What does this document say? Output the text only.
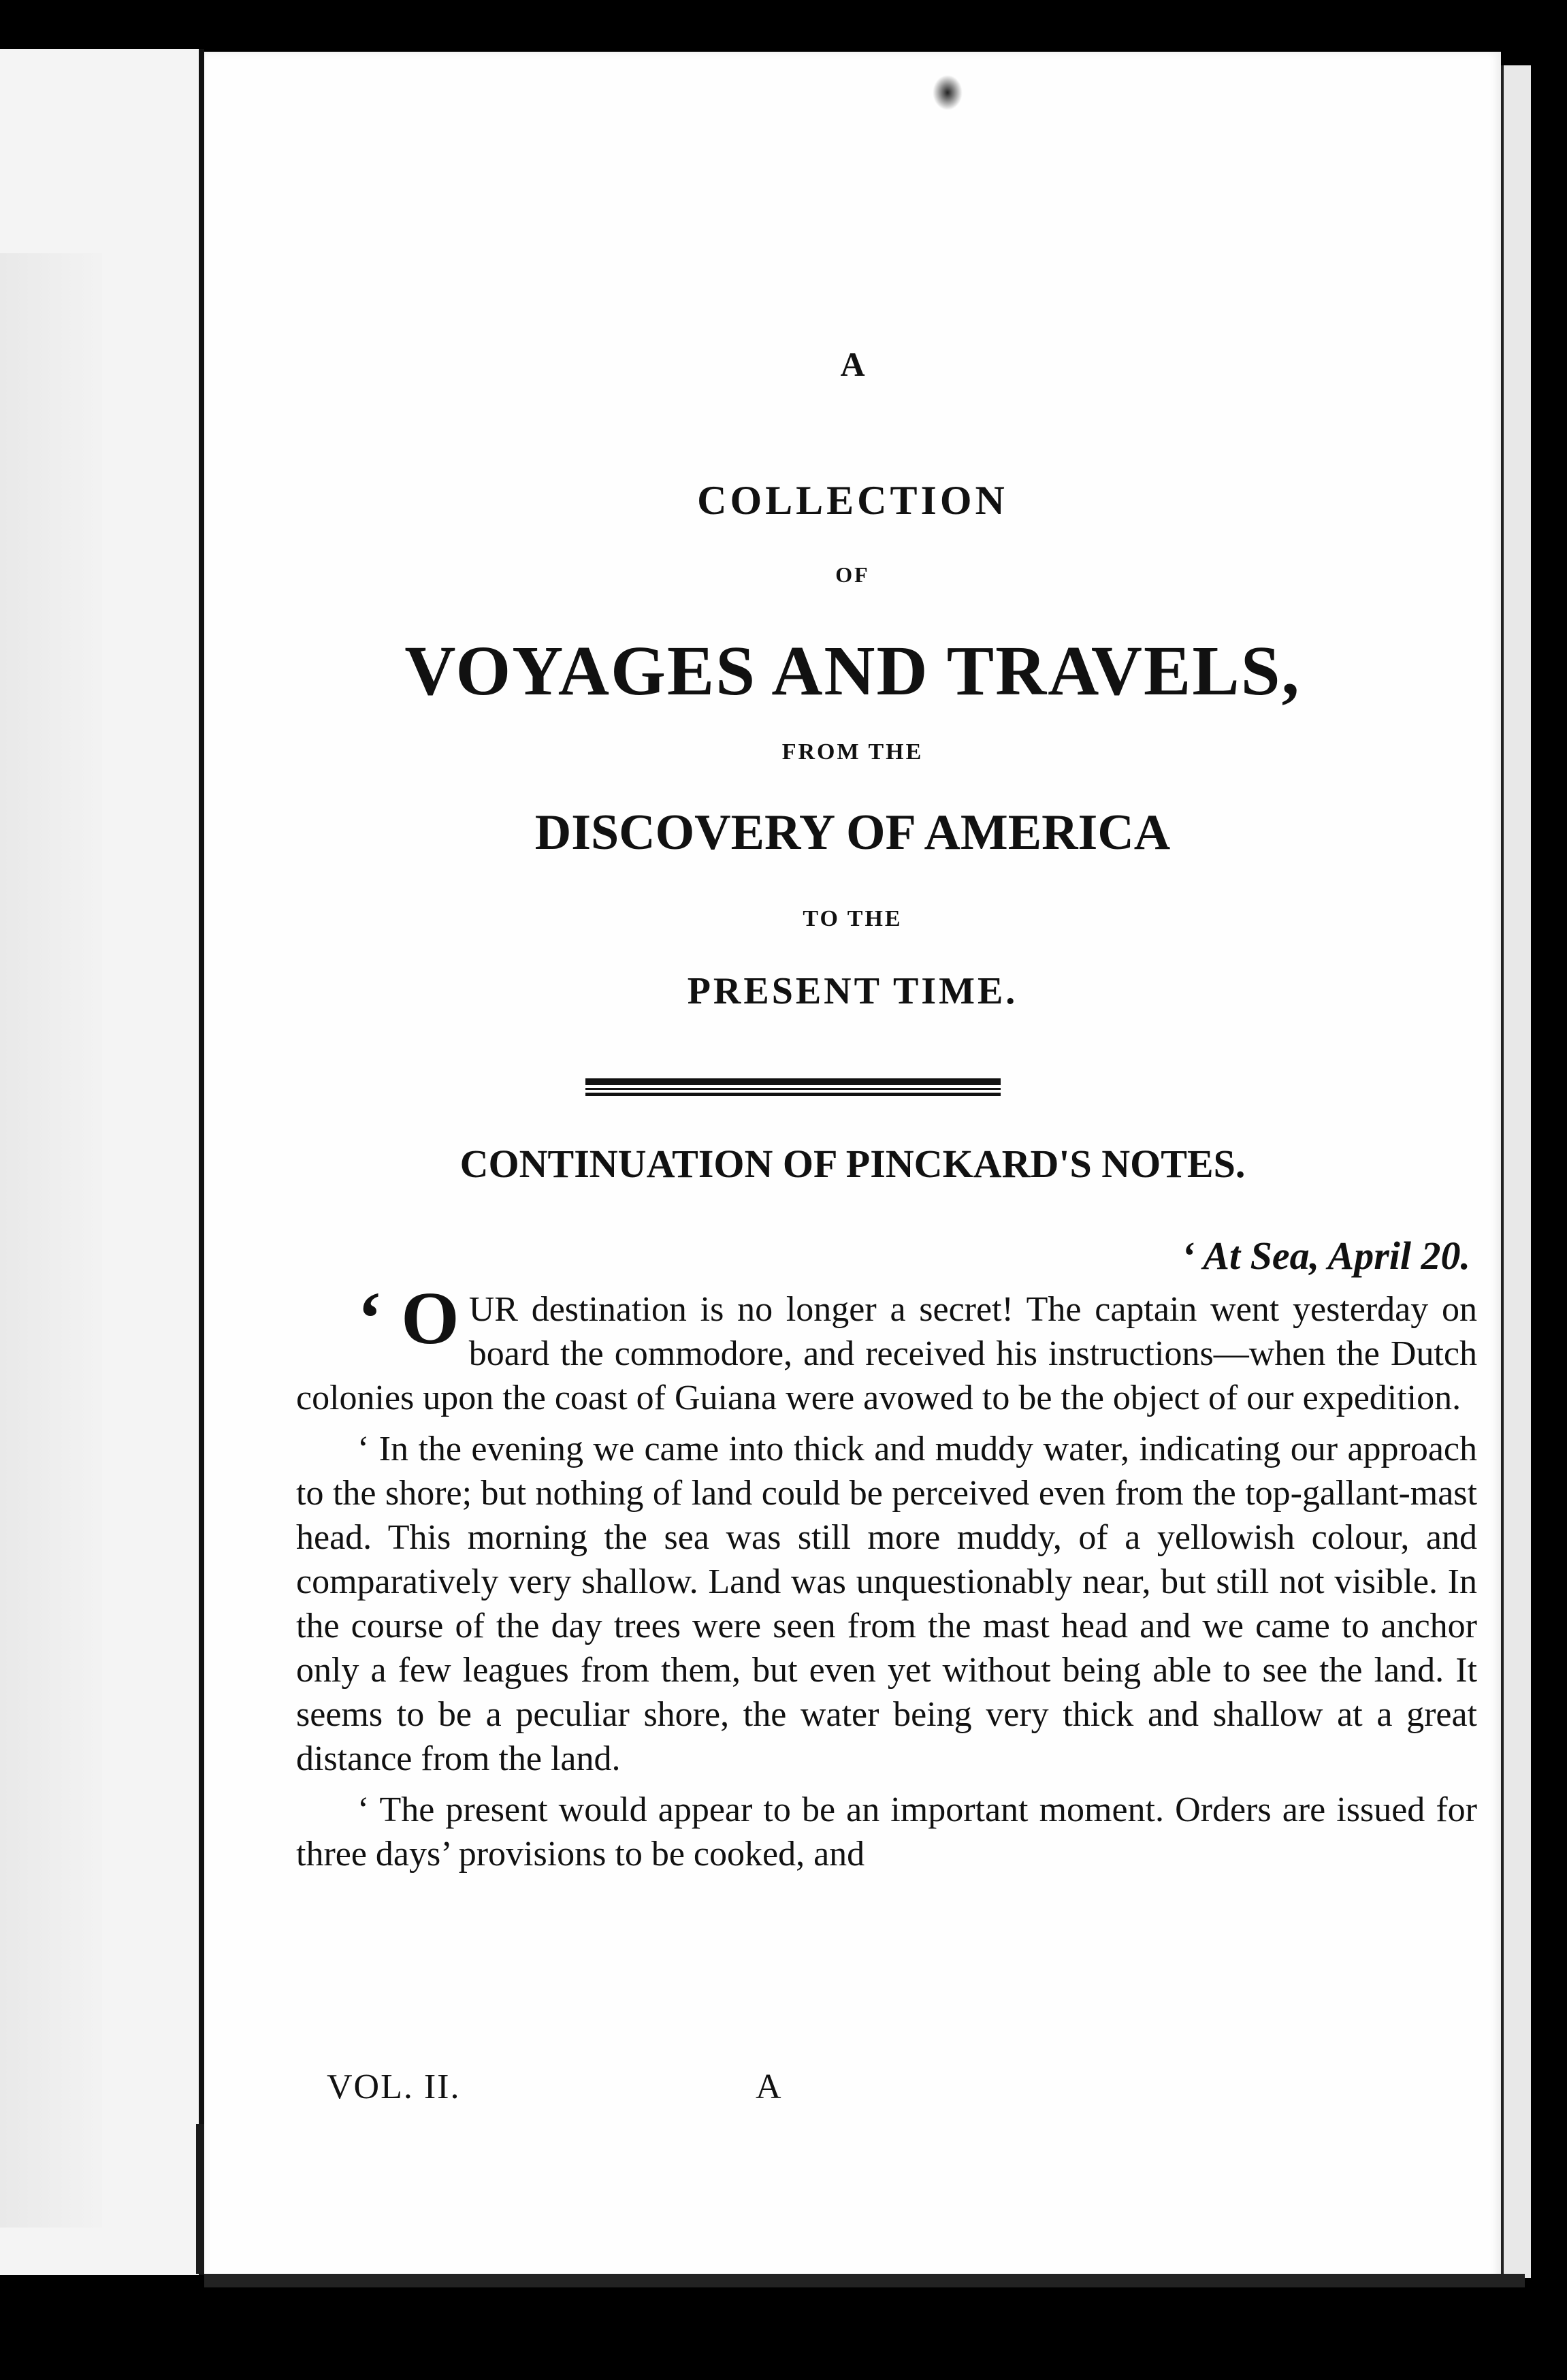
A
COLLECTION
OF
VOYAGES AND TRAVELS,
FROM THE
DISCOVERY OF AMERICA
TO THE
PRESENT TIME.
CONTINUATION OF PINCKARD'S NOTES.
‘ At Sea, April 20.

‘ O UR destination is no longer a secret! The captain went yesterday on board the commodore, and received his instructions—when the Dutch colonies upon the coast of Guiana were avowed to be the object of our expedition.

‘ In the evening we came into thick and muddy water, indicating our approach to the shore; but nothing of land could be perceived even from the top-gallant-mast head. This morning the sea was still more muddy, of a yellowish colour, and comparatively very shallow. Land was unquestionably near, but still not visible. In the course of the day trees were seen from the mast head and we came to anchor only a few leagues from them, but even yet without being able to see the land. It seems to be a peculiar shore, the water being very thick and shallow at a great distance from the land.

‘ The present would appear to be an important moment. Orders are issued for three days’ provisions to be cooked, and

VOL. II.	A
